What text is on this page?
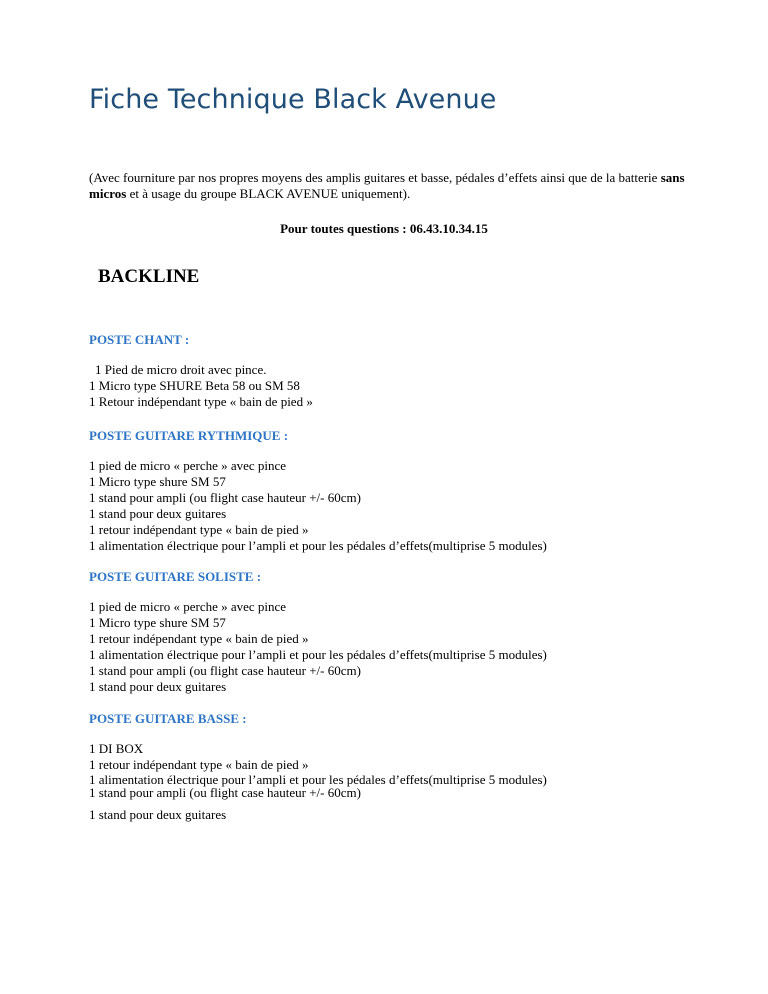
Fiche Technique Black Avenue
(Avec fourniture par nos propres moyens des amplis guitares et basse, pédales d’effets ainsi que de la batterie sans micros et à usage du groupe BLACK AVENUE uniquement).
Pour toutes questions : 06.43.10.34.15
BACKLINE
POSTE CHANT :
1 Pied de micro droit avec pince.
1 Micro type SHURE Beta 58 ou SM 58
1 Retour indépendant type « bain de pied »
POSTE GUITARE RYTHMIQUE :
1 pied de micro « perche » avec pince
1 Micro type shure SM 57
1 stand pour ampli (ou flight case hauteur +/- 60cm)
1 stand pour deux guitares
1 retour indépendant type « bain de pied »
1 alimentation électrique pour l’ampli et pour les pédales d’effets(multiprise 5 modules)
POSTE GUITARE SOLISTE :
1 pied de micro « perche » avec pince
1 Micro type shure SM 57
1 retour indépendant type « bain de pied »
1 alimentation électrique pour l’ampli et pour les pédales d’effets(multiprise 5 modules)
1 stand pour ampli (ou flight case hauteur +/- 60cm)
1 stand pour deux guitares
POSTE GUITARE BASSE :
1 DI BOX
1 retour indépendant type « bain de pied »
1 alimentation électrique pour l’ampli et pour les pédales d’effets(multiprise 5 modules)
1 stand pour ampli (ou flight case hauteur +/- 60cm)
1 stand pour deux guitares
